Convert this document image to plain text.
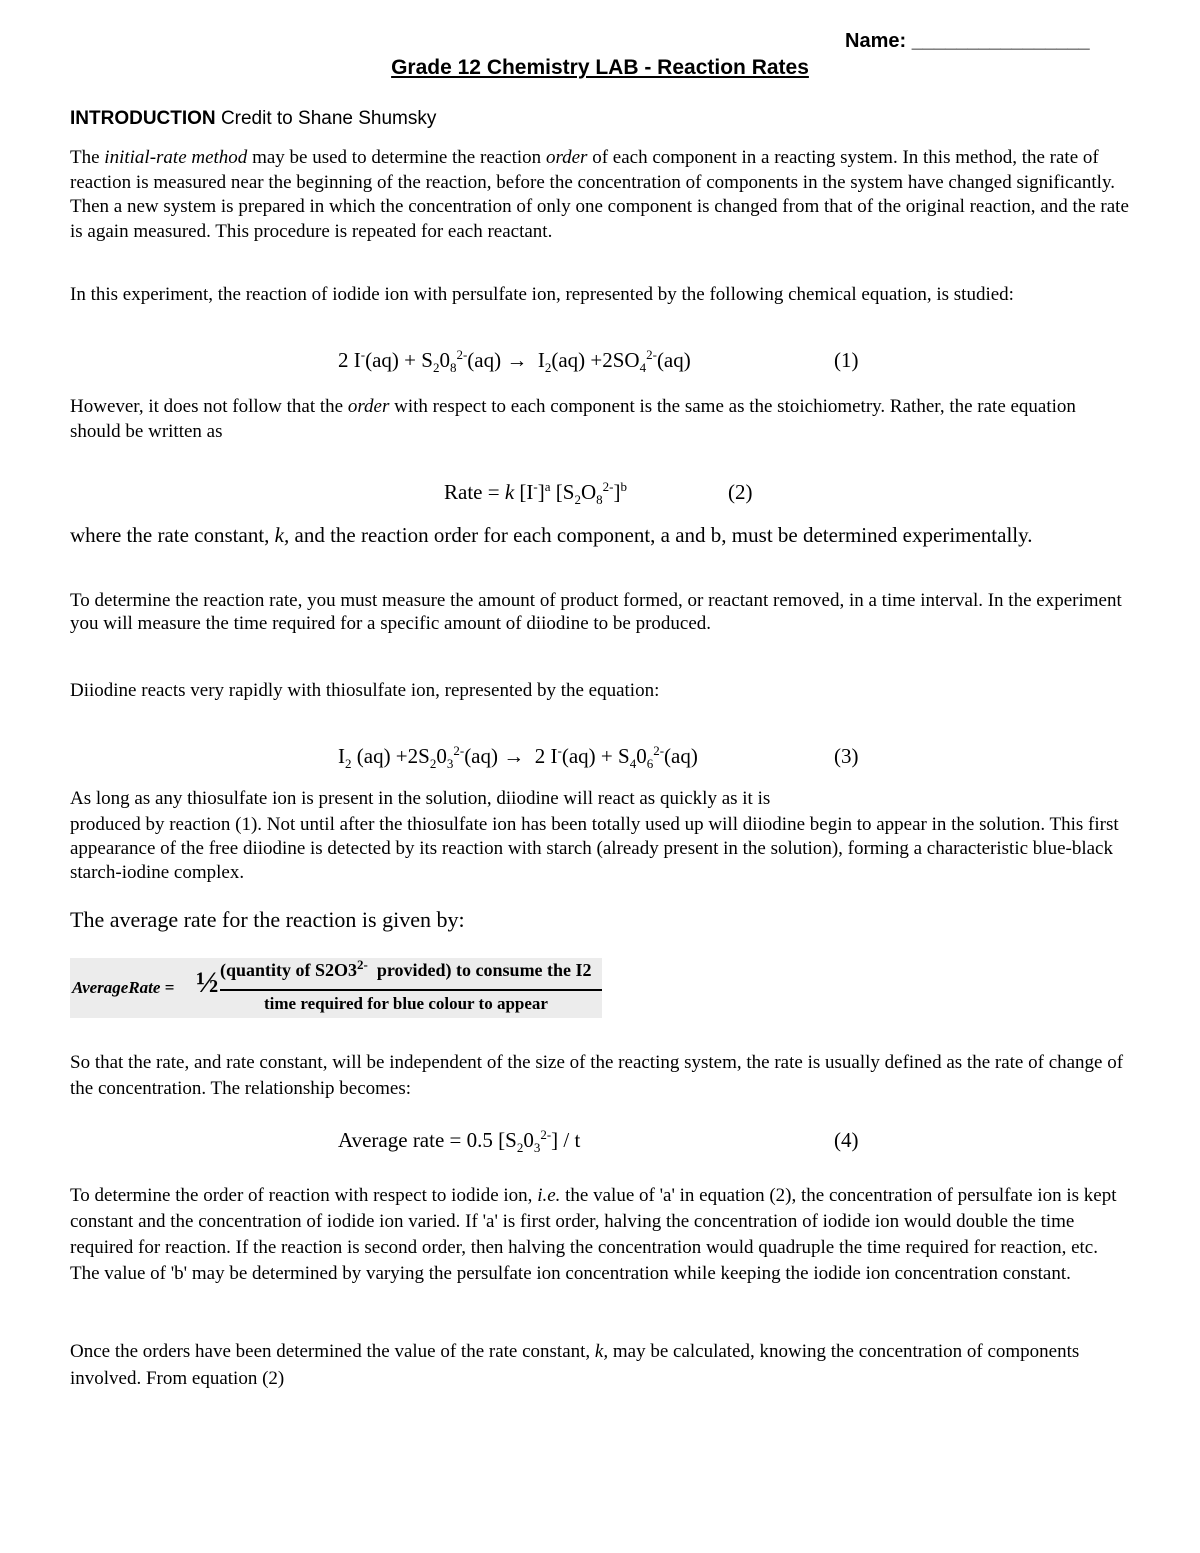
Name: ________________
Grade 12 Chemistry LAB - Reaction Rates
INTRODUCTION Credit to Shane Shumsky
The initial-rate method may be used to determine the reaction order of each component in a reacting system. In this method, the rate of reaction is measured near the beginning of the reaction, before the concentration of components in the system have changed significantly. Then a new system is prepared in which the concentration of only one component is changed from that of the original reaction, and the rate is again measured. This procedure is repeated for each reactant.
In this experiment, the reaction of iodide ion with persulfate ion, represented by the following chemical equation, is studied:
2 $I^-(aq) + S_20_8^{2-}(aq) \to I_2(aq) +2SO_4^{2-}(aq)$	(1)
However, it does not follow that the order with respect to each component is the same as the stoichiometry. Rather, the rate equation should be written as
Rate = k $[I^-]^a$ $[S_2O_8^{2-}]^b$	(2)
where the rate constant, k, and the reaction order for each component, a and b, must be determined experimentally.
To determine the reaction rate, you must measure the amount of product formed, or reactant removed, in a time interval. In the experiment you will measure the time required for a specific amount of diiodine to be produced.
Diiodine reacts very rapidly with thiosulfate ion, represented by the equation:
$I_2$ $(aq) +2S_20_3^{2-}(aq) \to 2$ $I^-(aq) + S_40_6^{2-}(aq)$	(3)
As long as any thiosulfate ion is present in the solution, diiodine will react as quickly as it is
produced by reaction (1). Not until after the thiosulfate ion has been totally used up will diiodine begin to appear in the solution. This first appearance of the free diiodine is detected by its reaction with starch (already present in the solution), forming a characteristic blue-black starch-iodine complex.
The average rate for the reaction is given by:
AverageRate = ½ (quantity of $S2O3^{2-}$ provided) to consume the I2
time required for blue colour to appear
So that the rate, and rate constant, will be independent of the size of the reacting system, the rate is usually defined as the rate of change of the concentration. The relationship becomes:
Average rate = 0.5 $[S_20_3^{2-}]$ / t	(4)
To determine the order of reaction with respect to iodide ion, i.e. the value of 'a' in equation (2), the concentration of persulfate ion is kept constant and the concentration of iodide ion varied. If 'a' is first order, halving the concentration of iodide ion would double the time required for reaction. If the reaction is second order, then halving the concentration would quadruple the time required for reaction, etc. The value of 'b' may be determined by varying the persulfate ion concentration while keeping the iodide ion concentration constant.
Once the orders have been determined the value of the rate constant, k, may be calculated, knowing the concentration of components involved. From equation (2)
